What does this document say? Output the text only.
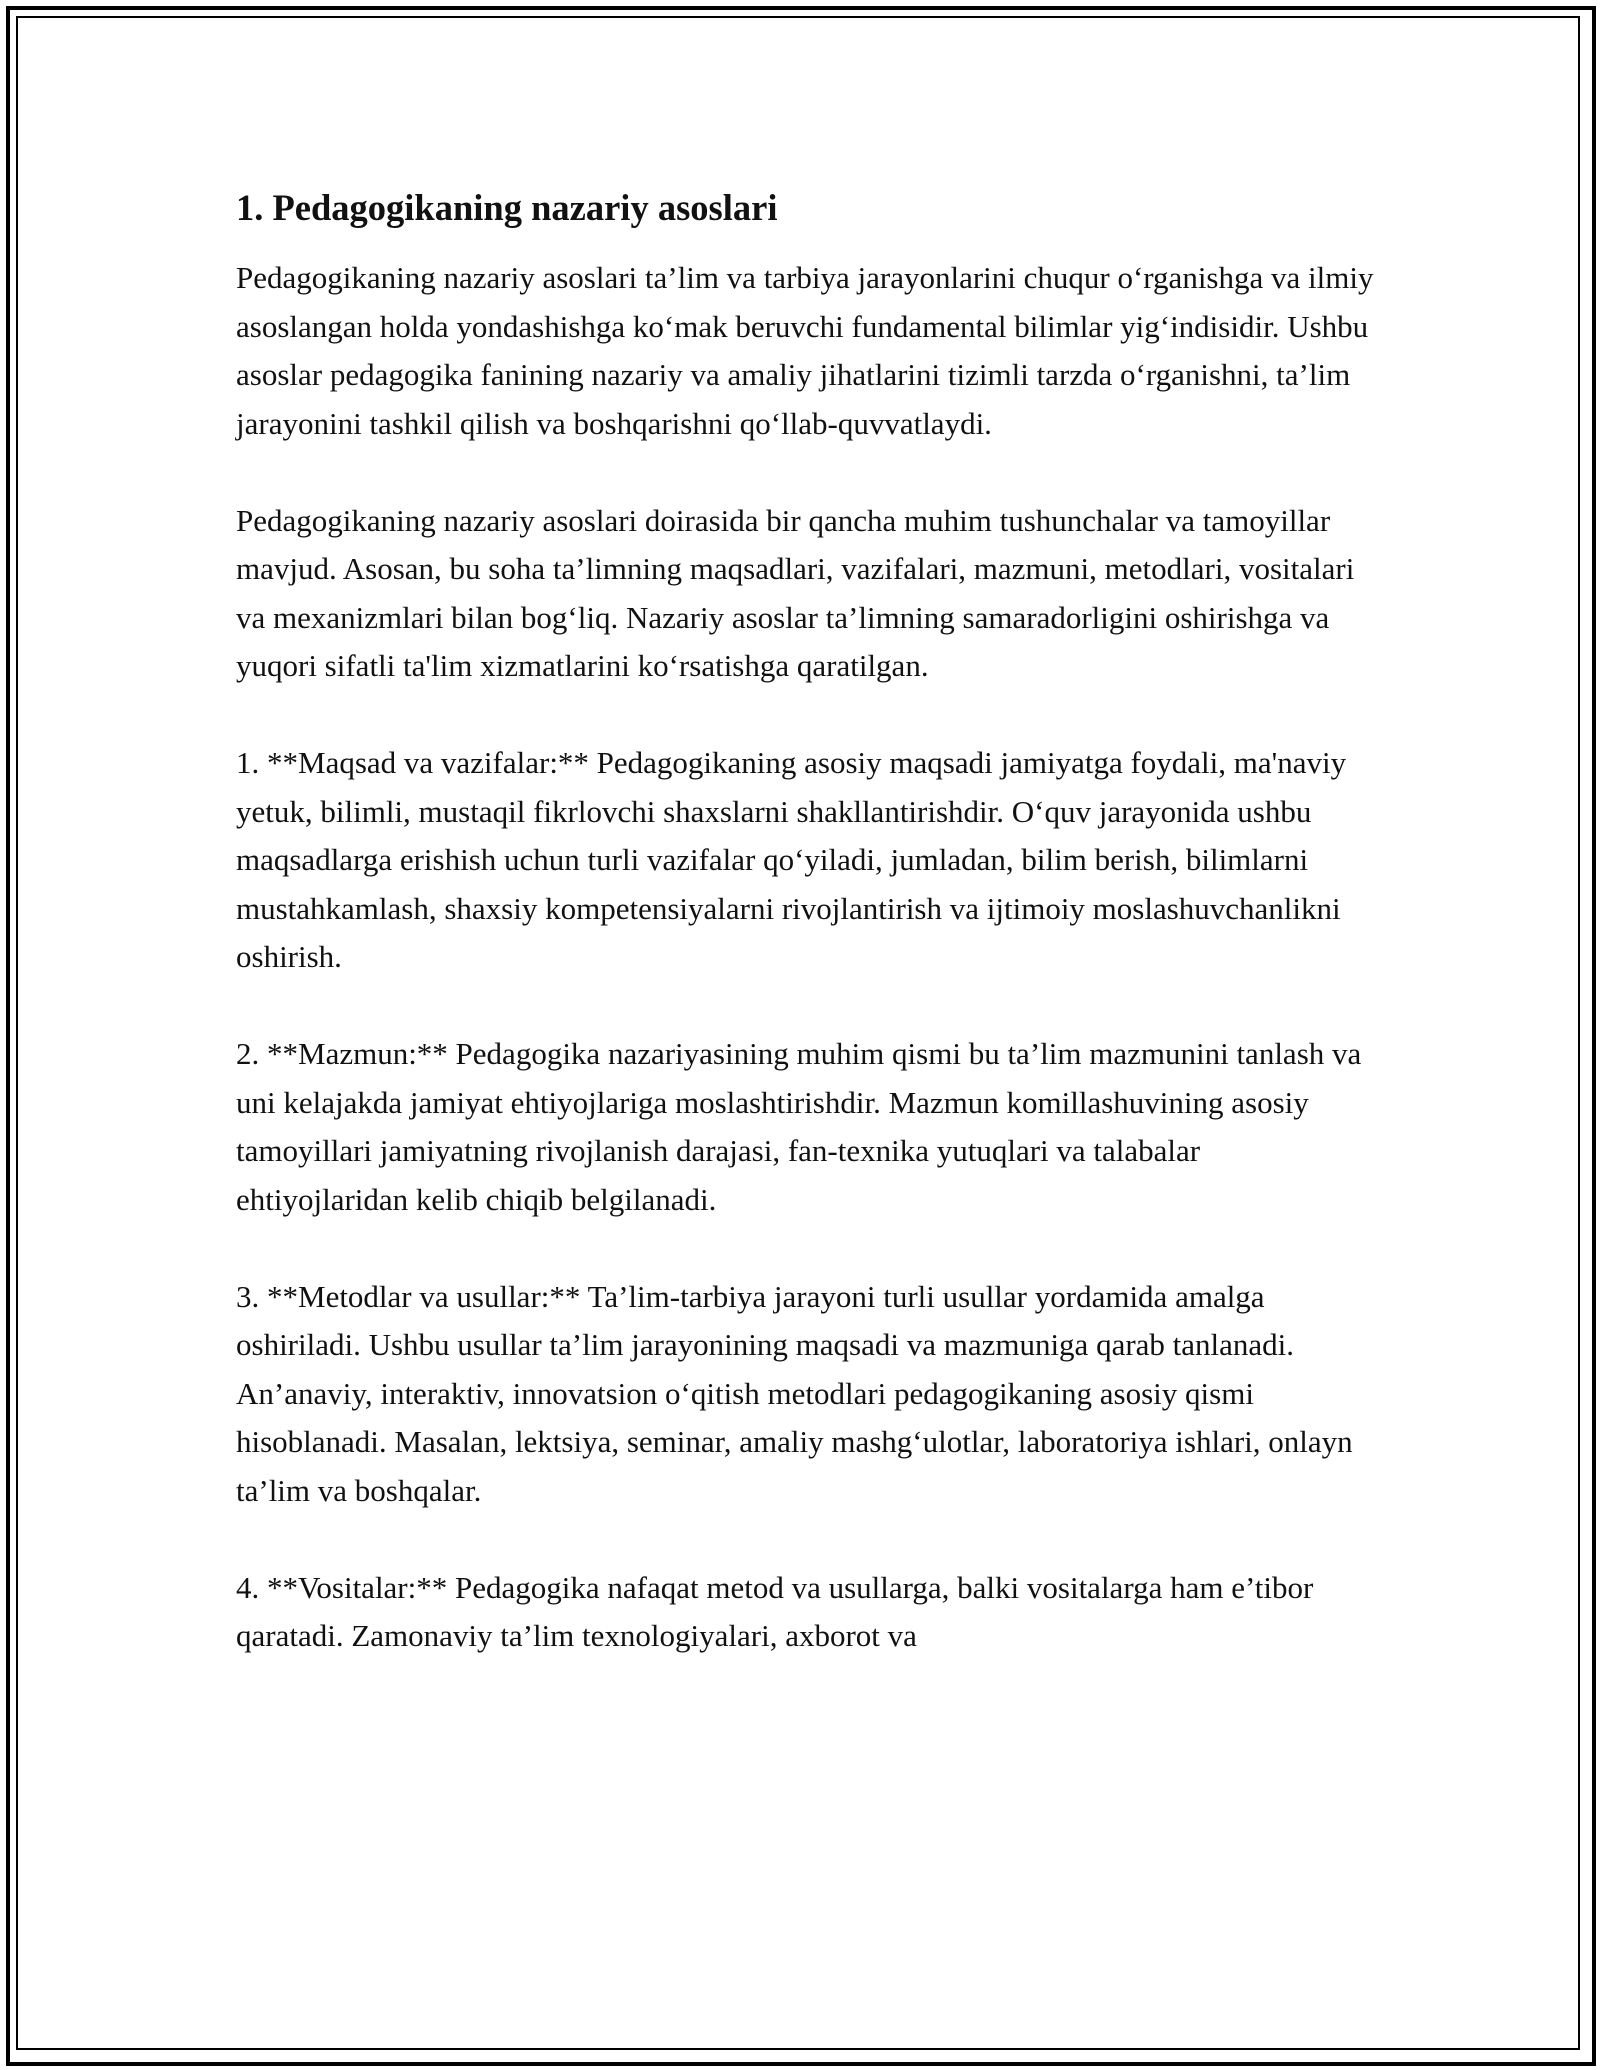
1. Pedagogikaning nazariy asoslari

Pedagogikaning nazariy asoslari ta’lim va tarbiya jarayonlarini chuqur o‘rganishga va ilmiy asoslangan holda yondashishga ko‘mak beruvchi fundamental bilimlar yig‘indisidir. Ushbu asoslar pedagogika fanining nazariy va amaliy jihatlarini tizimli tarzda o‘rganishni, ta’lim jarayonini tashkil qilish va boshqarishni qo‘llab-quvvatlaydi.

Pedagogikaning nazariy asoslari doirasida bir qancha muhim tushunchalar va tamoyillar mavjud. Asosan, bu soha ta’limning maqsadlari, vazifalari, mazmuni, metodlari, vositalari va mexanizmlari bilan bog‘liq. Nazariy asoslar ta’limning samaradorligini oshirishga va yuqori sifatli ta'lim xizmatlarini ko‘rsatishga qaratilgan.

1. **Maqsad va vazifalar:** Pedagogikaning asosiy maqsadi jamiyatga foydali, ma'naviy yetuk, bilimli, mustaqil fikrlovchi shaxslarni shakllantirishdir. O‘quv jarayonida ushbu maqsadlarga erishish uchun turli vazifalar qo‘yiladi, jumladan, bilim berish, bilimlarni mustahkamlash, shaxsiy kompetensiyalarni rivojlantirish va ijtimoiy moslashuvchanlikni oshirish.

2. **Mazmun:** Pedagogika nazariyasining muhim qismi bu ta’lim mazmunini tanlash va uni kelajakda jamiyat ehtiyojlariga moslashtirishdir. Mazmun komillashuvining asosiy tamoyillari jamiyatning rivojlanish darajasi, fan-texnika yutuqlari va talabalar ehtiyojlaridan kelib chiqib belgilanadi.

3. **Metodlar va usullar:** Ta’lim-tarbiya jarayoni turli usullar yordamida amalga oshiriladi. Ushbu usullar ta’lim jarayonining maqsadi va mazmuniga qarab tanlanadi. An’anaviy, interaktiv, innovatsion o‘qitish metodlari pedagogikaning asosiy qismi hisoblanadi. Masalan, lektsiya, seminar, amaliy mashg‘ulotlar, laboratoriya ishlari, onlayn ta’lim va boshqalar.

4. **Vositalar:** Pedagogika nafaqat metod va usullarga, balki vositalarga ham e’tibor qaratadi. Zamonaviy ta’lim texnologiyalari, axborot va
